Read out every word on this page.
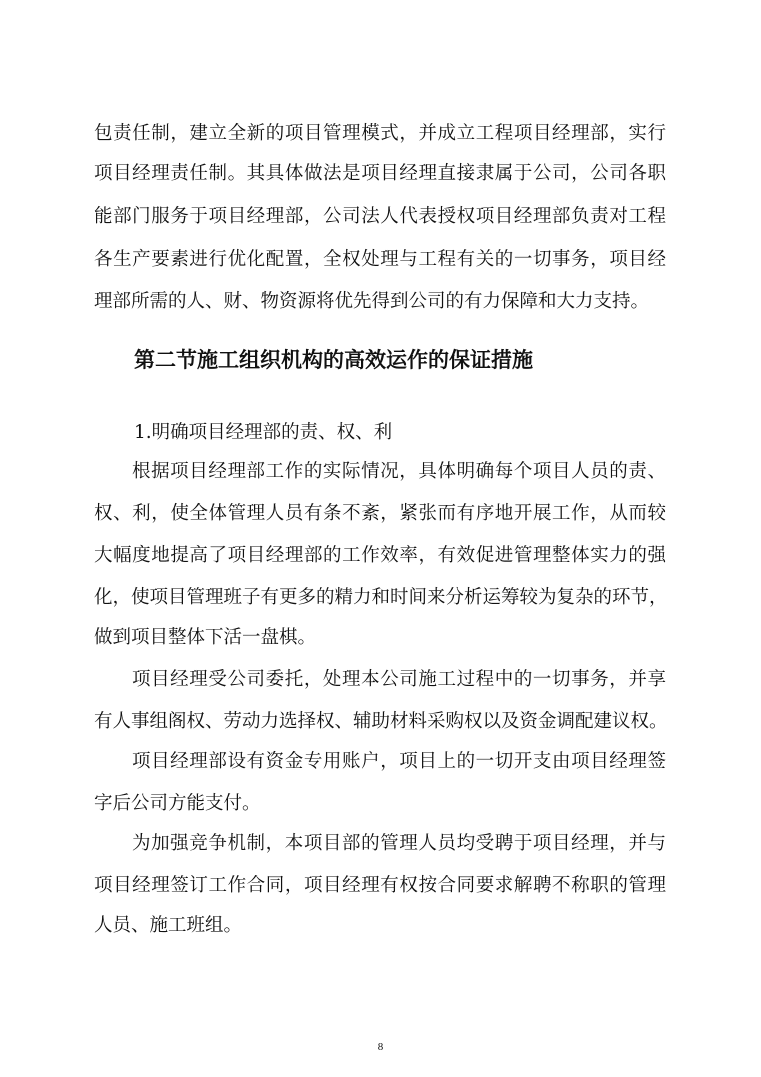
包责任制，建立全新的项目管理模式，并成立工程项目经理部，实行
项目经理责任制。其具体做法是项目经理直接隶属于公司，公司各职
能部门服务于项目经理部，公司法人代表授权项目经理部负责对工程
各生产要素进行优化配置，全权处理与工程有关的一切事务，项目经
理部所需的人、财、物资源将优先得到公司的有力保障和大力支持。
第二节施工组织机构的高效运作的保证措施
1.明确项目经理部的责、权、利
根据项目经理部工作的实际情况，具体明确每个项目人员的责、
权、利，使全体管理人员有条不紊，紧张而有序地开展工作，从而较
大幅度地提高了项目经理部的工作效率，有效促进管理整体实力的强
化，使项目管理班子有更多的精力和时间来分析运筹较为复杂的环节，
做到项目整体下活一盘棋。
项目经理受公司委托，处理本公司施工过程中的一切事务，并享
有人事组阁权、劳动力选择权、辅助材料采购权以及资金调配建议权。
项目经理部设有资金专用账户，项目上的一切开支由项目经理签
字后公司方能支付。
为加强竞争机制，本项目部的管理人员均受聘于项目经理，并与
项目经理签订工作合同，项目经理有权按合同要求解聘不称职的管理
人员、施工班组。
8
